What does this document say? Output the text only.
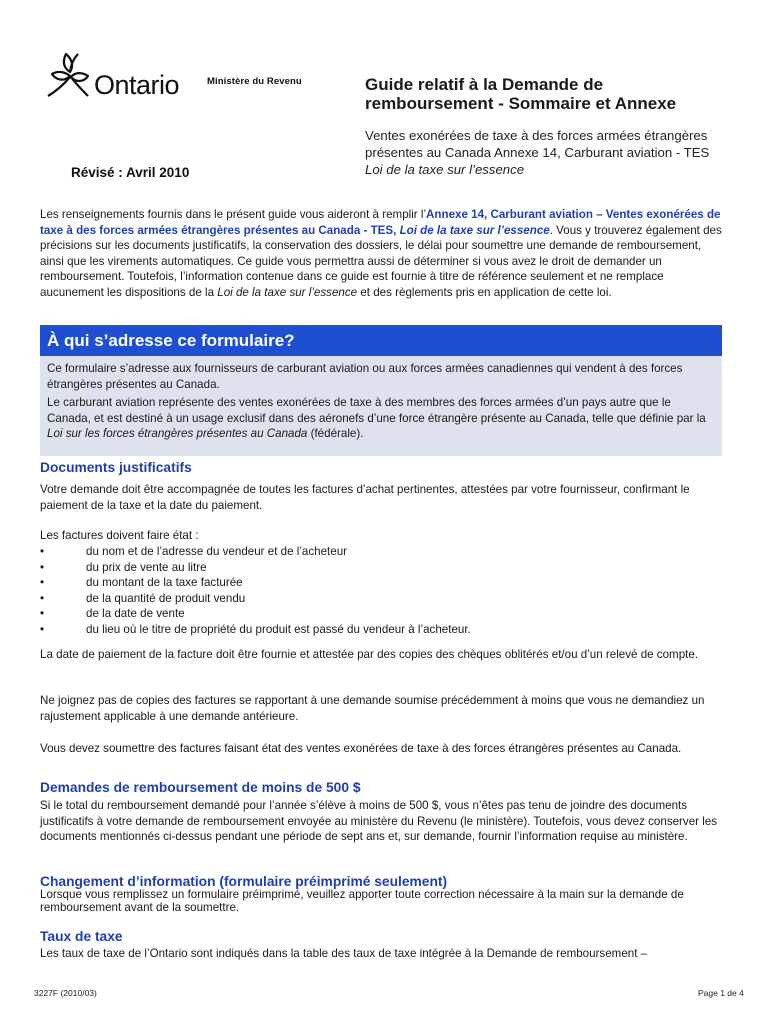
Ontario	Ministère du Revenu	Guide relatif à la Demande de
remboursement - Sommaire et Annexe
Ventes exonérées de taxe à des forces armées étrangères
présentes au Canada Annexe 14, Carburant aviation - TES
Loi de la taxe sur l’essence
Révisé : Avril 2010
Les renseignements fournis dans le présent guide vous aideront à remplir l’Annexe 14, Carburant aviation – Ventes exonérées de taxe à des forces armées étrangères présentes au Canada - TES, Loi de la taxe sur l’essence. Vous y trouverez également des précisions sur les documents justificatifs, la conservation des dossiers, le délai pour soumettre une demande de remboursement, ainsi que les virements automatiques. Ce guide vous permettra aussi de déterminer si vous avez le droit de demander un remboursement. Toutefois, l’information contenue dans ce guide est fournie à titre de référence seulement et ne remplace aucunement les dispositions de la Loi de la taxe sur l’essence et des règlements pris en application de cette loi.
À qui s’adresse ce formulaire?

Ce formulaire s’adresse aux fournisseurs de carburant aviation ou aux forces armées canadiennes qui vendent à des forces étrangères présentes au Canada.

Le carburant aviation représente des ventes exonérées de taxe à des membres des forces armées d’un pays autre que le Canada, et est destiné à un usage exclusif dans des aéronefs d’une force étrangère présente au Canada, telle que définie par la Loi sur les forces étrangères présentes au Canada (fédérale).

Documents justificatifs
Votre demande doit être accompagnée de toutes les factures d’achat pertinentes, attestées par votre fournisseur, confirmant le paiement de la taxe et la date du paiement.
Les factures doivent faire état :
• du nom et de l’adresse du vendeur et de l’acheteur
• du prix de vente au litre
• du montant de la taxe facturée
• de la quantité de produit vendu
• de la date de vente
• du lieu où le titre de propriété du produit est passé du vendeur à l’acheteur.
La date de paiement de la facture doit être fournie et attestée par des copies des chèques oblitérés et/ou d’un relevé de compte.
Ne joignez pas de copies des factures se rapportant à une demande soumise précédemment à moins que vous ne demandiez un rajustement applicable à une demande antérieure.
Vous devez soumettre des factures faisant état des ventes exonérées de taxe à des forces étrangères présentes au Canada.
Demandes de remboursement de moins de 500 $
Si le total du remboursement demandé pour l’année s’élève à moins de 500 $, vous n’êtes pas tenu de joindre des documents justificatifs à votre demande de remboursement envoyée au ministère du Revenu (le ministère). Toutefois, vous devez conserver les documents mentionnés ci-dessus pendant une période de sept ans et, sur demande, fournir l’information requise au ministère.
Changement d’information (formulaire préimprimé seulement)
Lorsque vous remplissez un formulaire préimprimé, veuillez apporter toute correction nécessaire à la main sur la demande de remboursement avant de la soumettre.
Taux de taxe
Les taux de taxe de l’Ontario sont indiqués dans la table des taux de taxe intégrée à la Demande de remboursement –
3227F (2010/03)	Page 1 de 4
